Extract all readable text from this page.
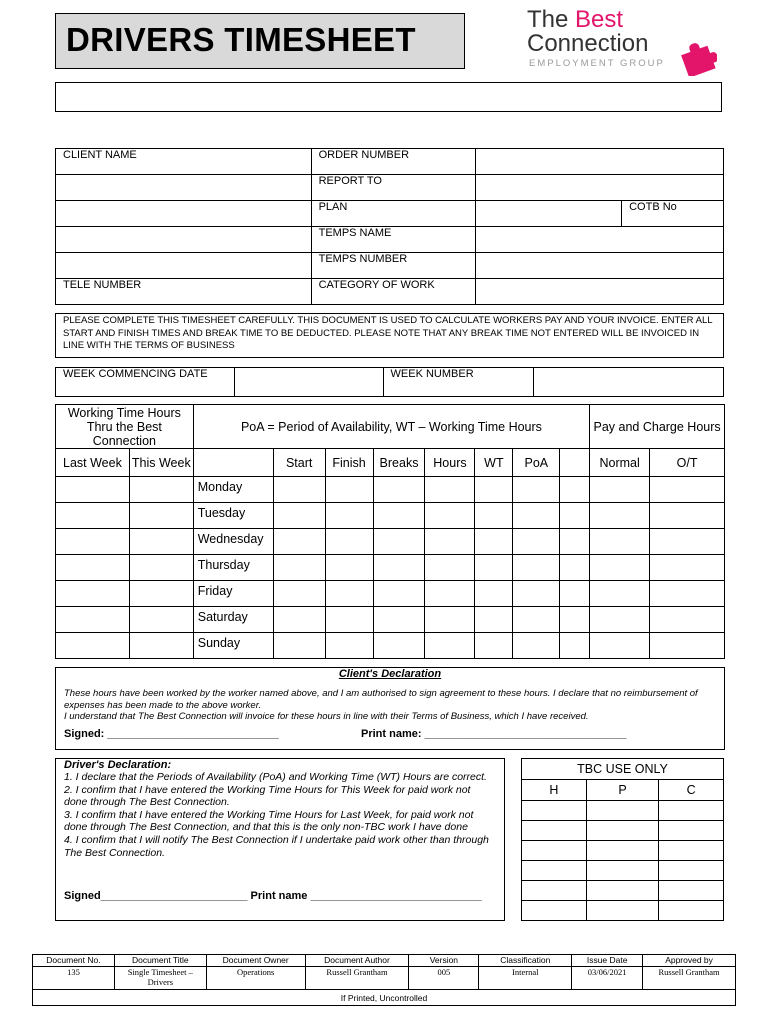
DRIVERS TIMESHEET
The Best
Connection
EMPLOYMENT GROUP
CLIENT NAME	ORDER NUMBER		
	REPORT TO		
	PLAN		COTB No
	TEMPS NAME		
	TEMPS NUMBER		
TELE NUMBER	CATEGORY OF WORK		
PLEASE COMPLETE THIS TIMESHEET CAREFULLY. THIS DOCUMENT IS USED TO CALCULATE WORKERS PAY AND YOUR INVOICE. ENTER ALL START AND FINISH TIMES AND BREAK TIME TO BE DEDUCTED. PLEASE NOTE THAT ANY BREAK TIME NOT ENTERED WILL BE INVOICED IN LINE WITH THE TERMS OF BUSINESS
WEEK COMMENCING DATE		WEEK NUMBER	
Working Time Hours Thru the Best Connection		PoA = Period of Availability, WT – Working Time Hours								Pay and Charge Hours	
Last Week	This Week		Start	Finish	Breaks	Hours	WT	PoA		Normal	O/T
		Monday									
		Tuesday									
		Wednesday									
		Thursday									
		Friday									
		Saturday									
		Sunday									
Client's Declaration
These hours have been worked by the worker named above, and I am authorised to sign agreement to these hours. I declare that no reimbursement of expenses has been made to the above worker.
I understand that The Best Connection will invoice for these hours in line with their Terms of Business, which I have received.
Signed: ____________________________	Print name: _________________________________
Driver's Declaration:
1. I declare that the Periods of Availability (PoA) and Working Time (WT) Hours are correct.
2. I confirm that I have entered the Working Time Hours for This Week for paid work not done through The Best Connection.
3. I confirm that I have entered the Working Time Hours for Last Week, for paid work not done through The Best Connection, and that this is the only non-TBC work I have done
4. I confirm that I will notify The Best Connection if I undertake paid work other than through The Best Connection.
Signed________________________ Print name ____________________________
TBC USE ONLY		
H	P	C

Document No.	Document Title	Document Owner	Document Author	Version	Classification	Issue Date	Approved by
135	Single Timesheet – Drivers	Operations	Russell Grantham	005	Internal	03/06/2021	Russell Grantham
If Printed, Uncontrolled							
